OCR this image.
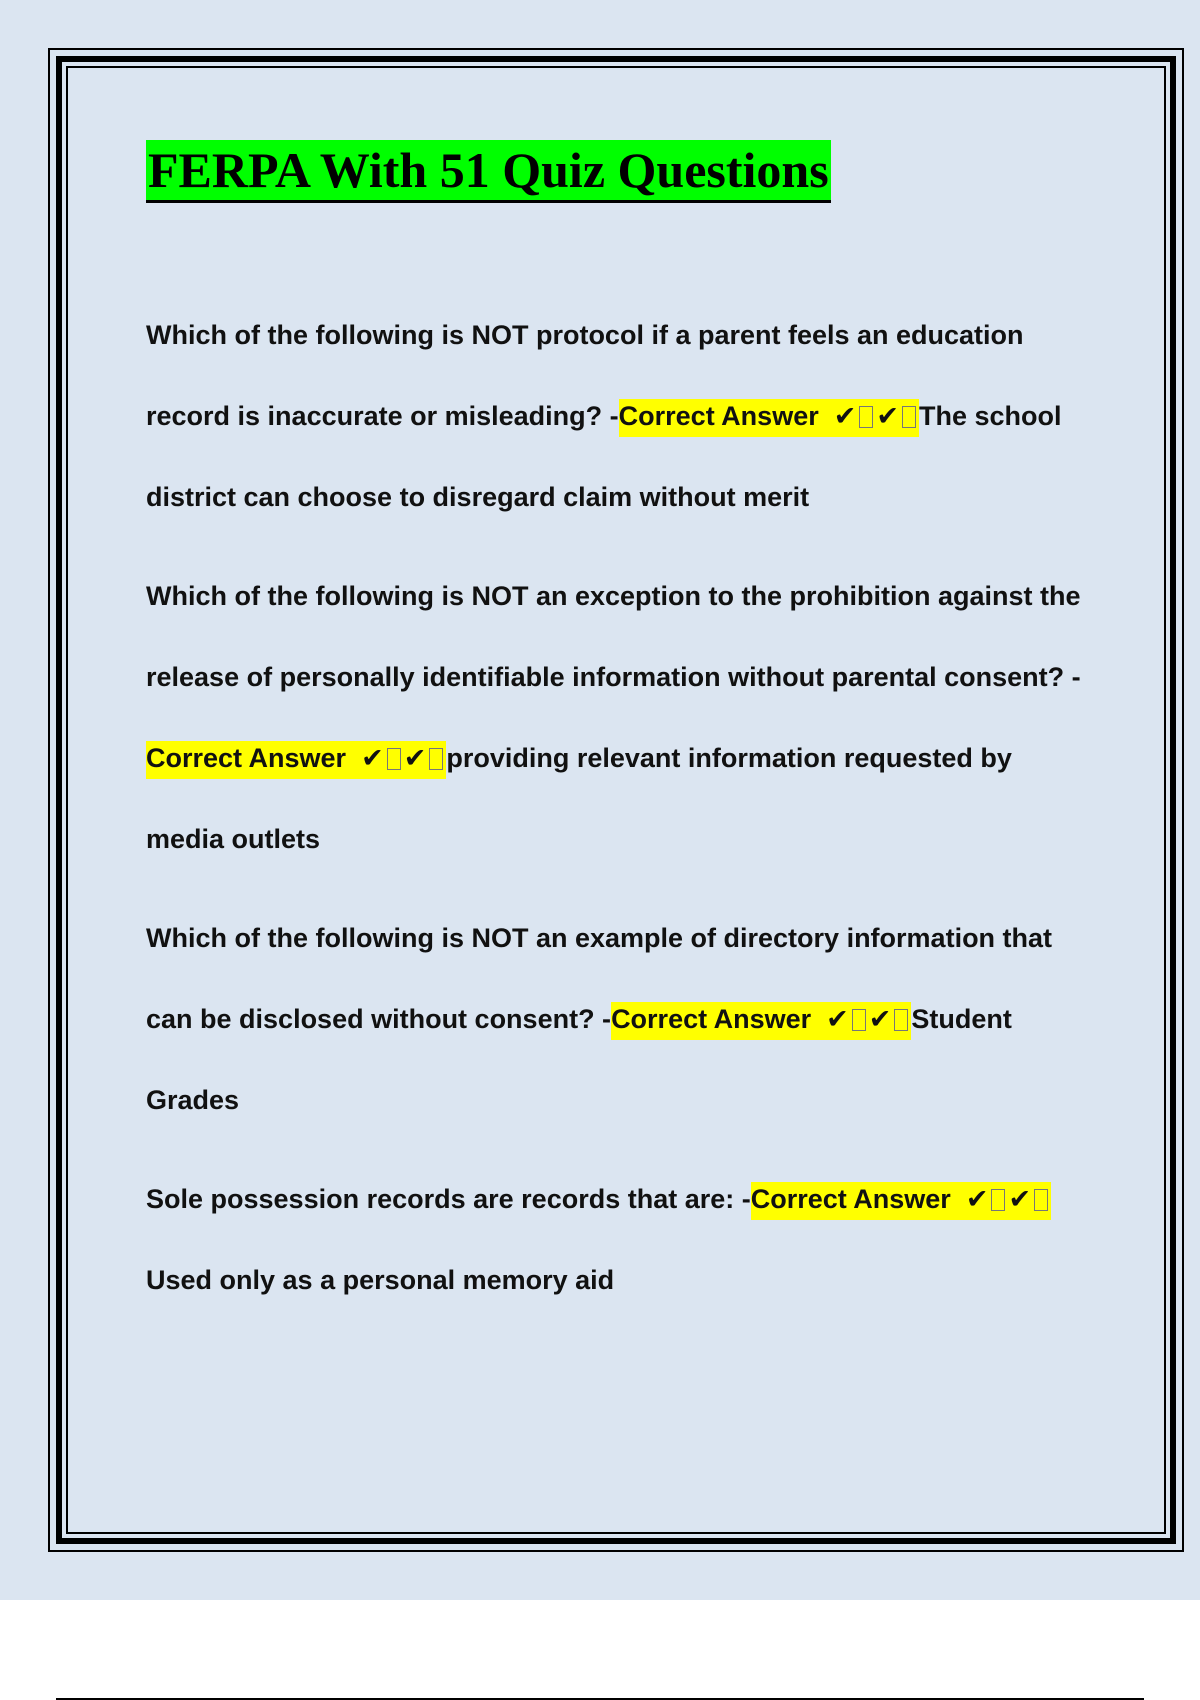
FERPA With 51 Quiz Questions
Which of the following is NOT protocol if a parent feels an education record is inaccurate or misleading? -Correct Answer ✔ ✔ The school district can choose to disregard claim without merit
Which of the following is NOT an exception to the prohibition against the release of personally identifiable information without parental consent? -Correct Answer ✔ ✔ providing relevant information requested by media outlets
Which of the following is NOT an example of directory information that can be disclosed without consent? -Correct Answer ✔ ✔ Student Grades
Sole possession records are records that are: -Correct Answer ✔ ✔Used only as a personal memory aid
